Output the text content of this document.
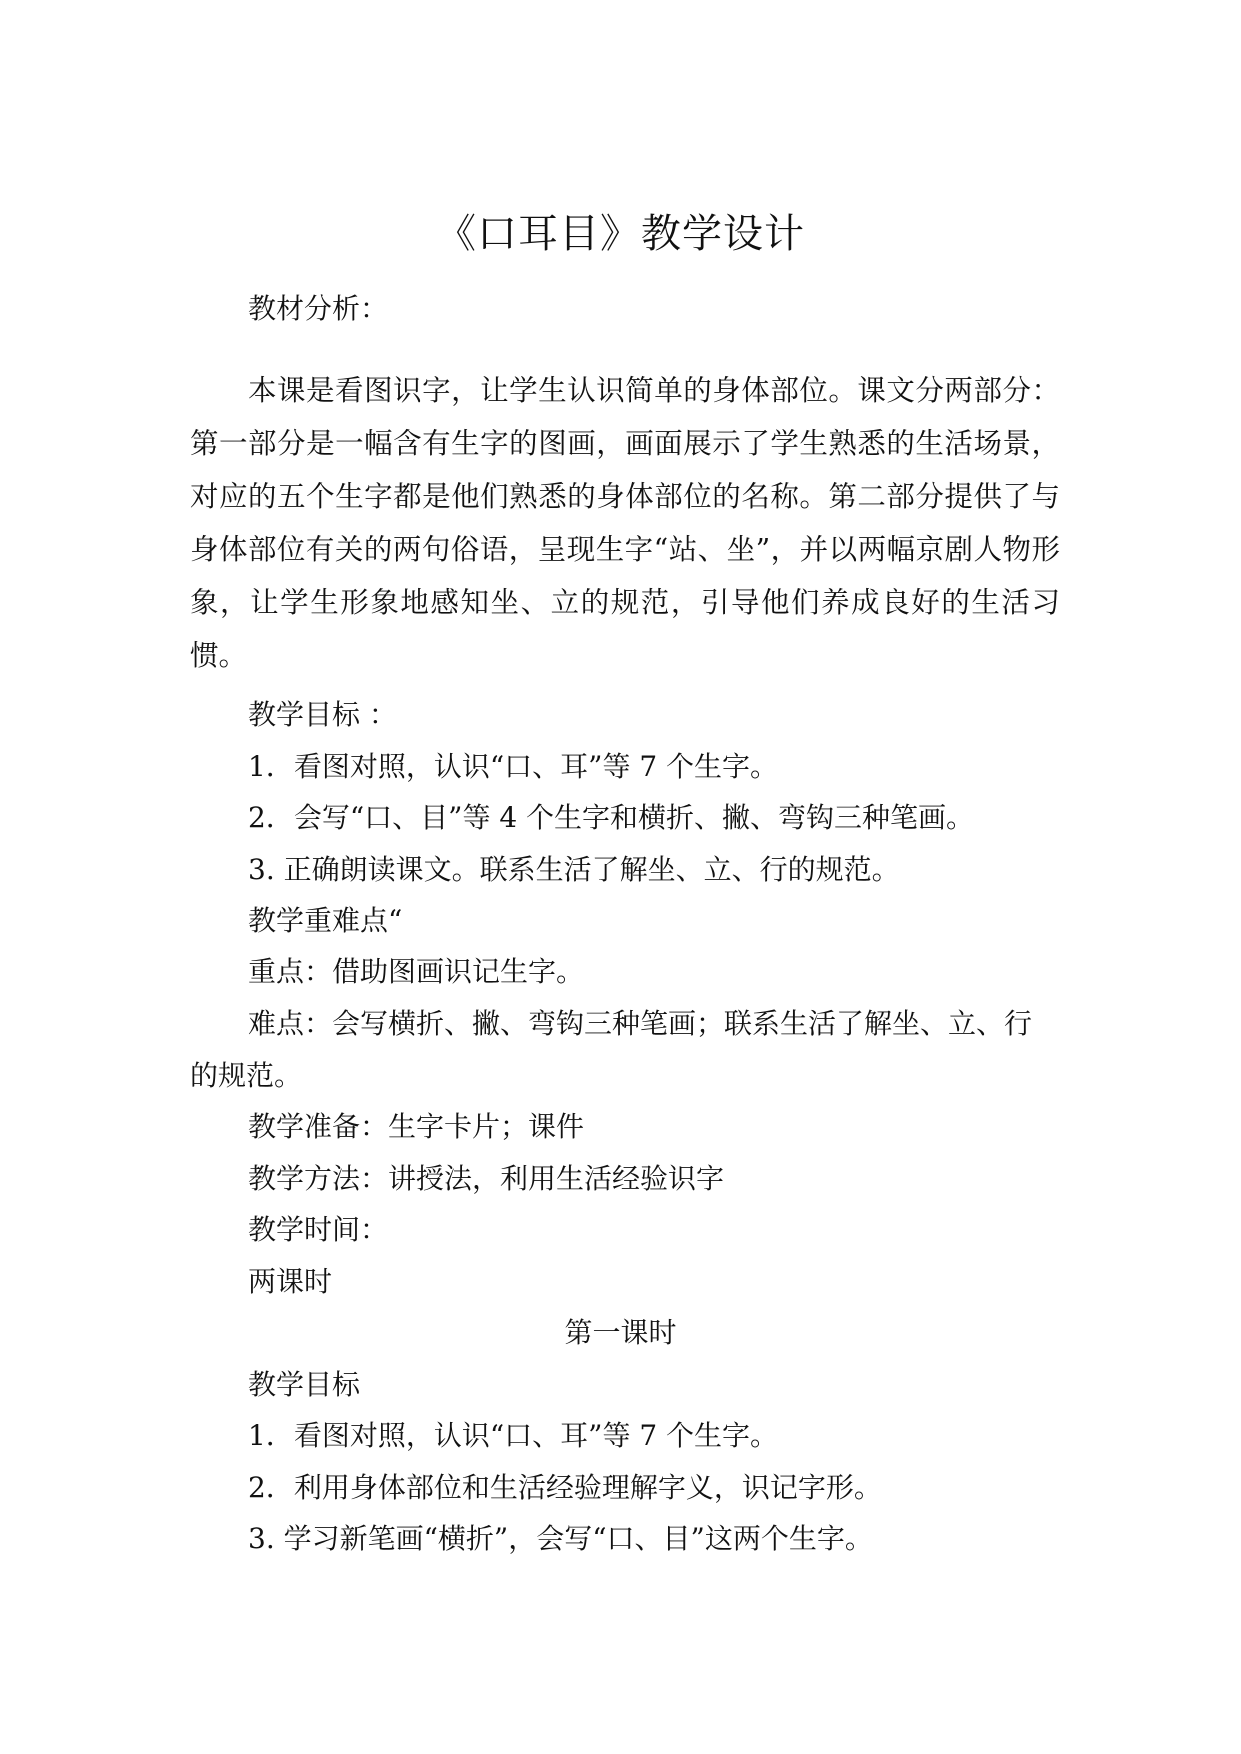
《口耳目》教学设计

教材分析：

本课是看图识字，让学生认识简单的身体部位。课文分两部分：第一部分是一幅含有生字的图画，画面展示了学生熟悉的生活场景，对应的五个生字都是他们熟悉的身体部位的名称。第二部分提供了与身体部位有关的两句俗语，呈现生字“站、坐”，并以两幅京剧人物形象，让学生形象地感知坐、立的规范，引导他们养成良好的生活习惯。

教学目标 ：

1．看图对照，认识“口、耳”等 7 个生字。

2．会写“口、目”等 4 个生字和横折、撇、弯钩三种笔画。

3. 正确朗读课文。联系生活了解坐、立、行的规范。

教学重难点“

重点：借助图画识记生字。

难点：会写横折、撇、弯钩三种笔画；联系生活了解坐、立、行

的规范。

教学准备：生字卡片；课件

教学方法：讲授法，利用生活经验识字

教学时间：

两课时

第一课时

教学目标

1．看图对照，认识“口、耳”等 7 个生字。

2．利用身体部位和生活经验理解字义，识记字形。

3. 学习新笔画“横折”，会写“口、目”这两个生字。
